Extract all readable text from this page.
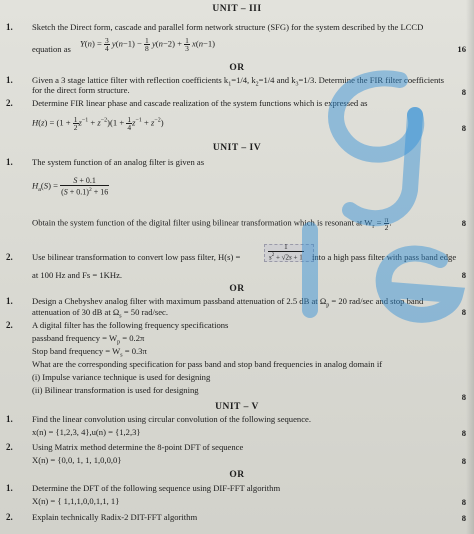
UNIT – III
1. Sketch the Direct form, cascade and parallel form network structure (SFG) for the system described by the LCCD
equation as
$Y(n) = \frac{3}{4} y(n-1) - \frac{1}{8} y(n-2) + \frac{1}{3} x(n-1)$
16
OR
1. Given a 3 stage lattice filter with reflection coefficients $k_1=1/4$, $k_2=1/4$ and $k_3=1/3$. Determine the FIR filter coefficients
for the direct form structure.	8
2. Determine FIR linear phase and cascade realization of the system functions which is expressed as
$H(z) = (1 + \frac{1}{2} z^{-1} + z^{-2})(1 + \frac{1}{4} z^{-1} + z^{-2})$
8
UNIT – IV
1. The system function of an analog filter is given as
$H_a(S) = \frac{S + 0.1}{(S + 0.1)^2 + 16}$
Obtain the system function of the digital filter using bilinear transformation which is resonant at $W_r = \frac{\pi}{2}$ .	8
2. Use bilinear transformation to convert low pass filter, H(s) =	$\frac{1}{s^2 + √2s + 1}$ into a high pass filter with pass band edge
at 100 Hz and Fs = 1KHz.	8
OR
1. Design a Chebyshev analog filter with maximum passband attenuation of 2.5 dB at $\Omega_p = 20$ rad/sec and stop band
attenuation of 30 dB at $\Omega_s = 50$ rad/sec.	8
2. A digital filter has the following frequency specifications
passband frequency = $W_p = 0.2\pi$
Stop band frequency = $W_s = 0.3\pi$
What are the corresponding specification for pass band and stop band frequencies in analog domain if
(i) Impulse variance technique is used for designing
(ii) Bilinear transformation is used for designing
8
UNIT – V
1. Find the linear convolution using circular convolution of the following sequence.
x(n) = {1,2,3, 4},u(n) = {1,2,3}	8
2. Using Matrix method determine the 8-point DFT of sequence
X(n) = {0,0, 1, 1, 1,0,0,0}	8
OR
1. Determine the DFT of the following sequence using DIF-FFT algorithm
X(n) = { 1,1,1,0,0,1,1, 1}	8
2. Explain technically Radix-2 DIT-FFT algorithm	8
